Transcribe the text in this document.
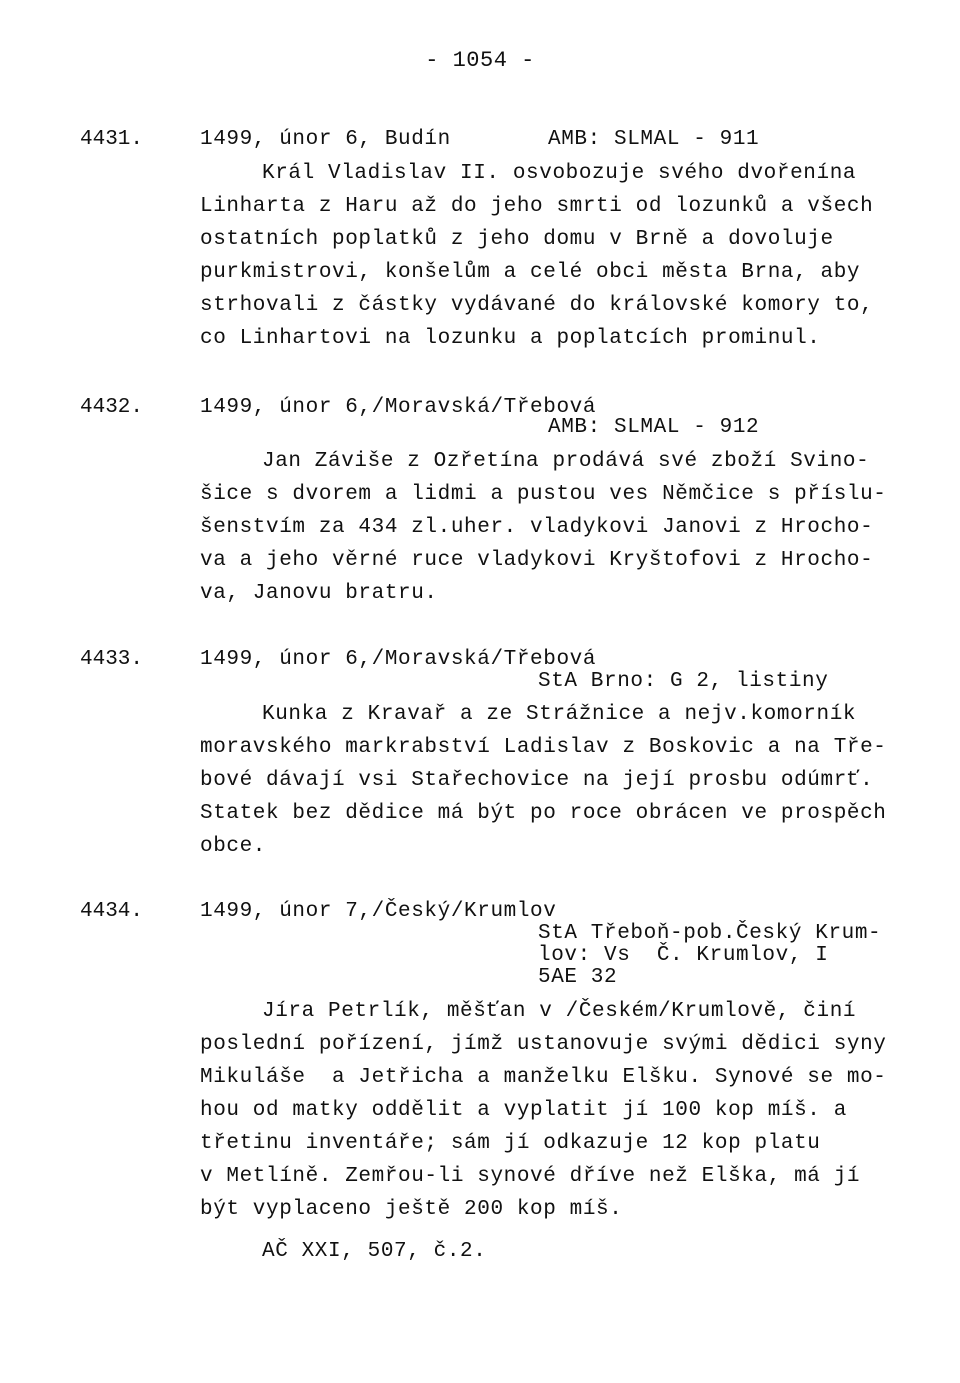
- 1054 -
4431.	1499, únor 6, Budín	AMB: SLMAL - 911
Král Vladislav II. osvobozuje svého dvořenína
Linharta z Haru až do jeho smrti od lozunků a všech
ostatních poplatků z jeho domu v Brně a dovoluje
purkmistrovi, konšelům a celé obci města Brna, aby
strhovali z částky vydávané do královské komory to,
co Linhartovi na lozunku a poplatcích prominul.
4432.	1499, únor 6,/Moravská/Třebová
AMB: SLMAL - 912
Jan Záviše z Ozřetína prodává své zboží Svino-
šice s dvorem a lidmi a pustou ves Němčice s příslu-
šenstvím za 434 zl.uher. vladykovi Janovi z Hrocho-
va a jeho věrné ruce vladykovi Kryštofovi z Hrocho-
va, Janovu bratru.
4433.	1499, únor 6,/Moravská/Třebová
StA Brno: G 2, listiny
Kunka z Kravař a ze Strážnice a nejv.komorník
moravského markrabství Ladislav z Boskovic a na Tře-
bové dávají vsi Stařechovice na její prosbu odúmrť.
Statek bez dědice má být po roce obrácen ve prospěch
obce.
4434.	1499, únor 7,/Český/Krumlov
StA Třeboň-pob.Český Krum-
lov: Vs  Č. Krumlov, I
5AE 32
Jíra Petrlík, měšťan v /Českém/Krumlově, činí
poslední pořízení, jímž ustanovuje svými dědici syny
Mikuláše  a Jetřicha a manželku Elšku. Synové se mo-
hou od matky oddělit a vyplatit jí 100 kop míš. a
třetinu inventáře; sám jí odkazuje 12 kop platu
v Metlíně. Zemřou-li synové dříve než Elška, má jí
být vyplaceno ještě 200 kop míš.
AČ XXI, 507, č.2.
